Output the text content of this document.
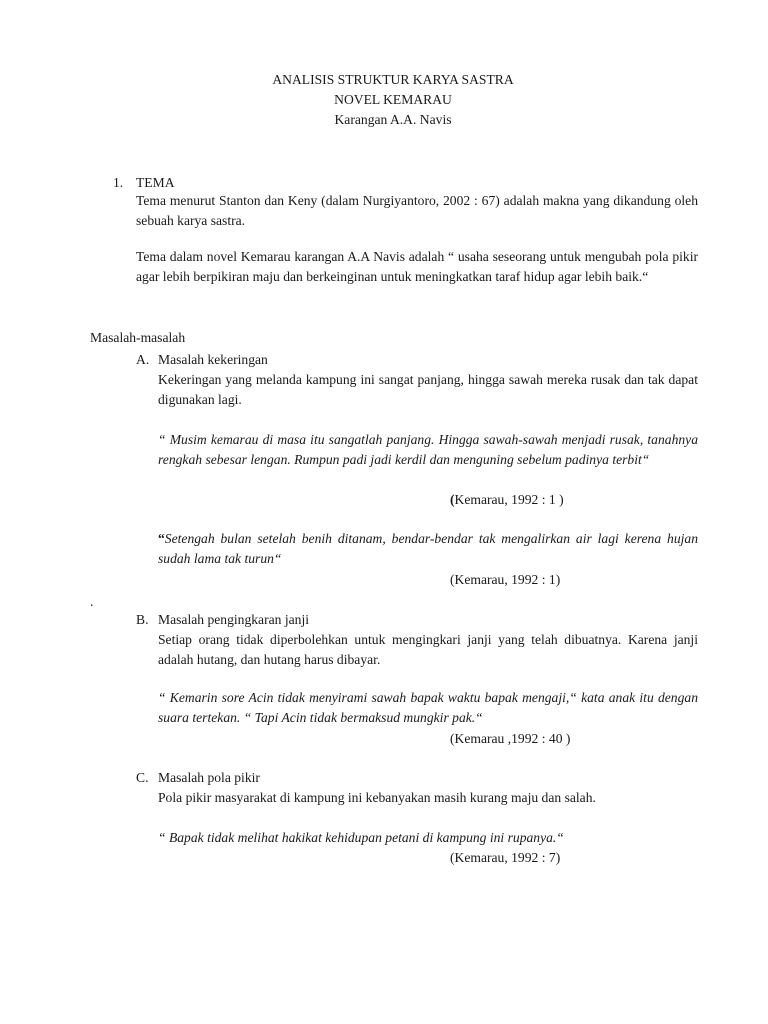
ANALISIS STRUKTUR KARYA SASTRA
NOVEL KEMARAU
Karangan A.A. Navis
1. TEMA
Tema menurut Stanton dan Keny (dalam Nurgiyantoro, 2002 : 67) adalah makna yang dikandung oleh sebuah karya sastra.
Tema dalam novel Kemarau karangan A.A Navis adalah “ usaha seseorang untuk mengubah pola pikir agar lebih berpikiran maju dan berkeinginan untuk meningkatkan taraf hidup agar lebih baik.“
Masalah-masalah
A. Masalah kekeringan
Kekeringan yang melanda kampung ini sangat panjang, hingga sawah mereka rusak dan tak dapat digunakan lagi.
“ Musim kemarau di masa itu sangatlah panjang. Hingga sawah-sawah menjadi rusak, tanahnya rengkah sebesar lengan. Rumpun padi jadi kerdil dan menguning sebelum padinya terbit“
(Kemarau, 1992 : 1 )
“Setengah bulan setelah benih ditanam, bendar-bendar tak mengalirkan air lagi kerena hujan sudah lama tak turun“
(Kemarau, 1992 : 1)
.
B. Masalah pengingkaran janji
Setiap orang tidak diperbolehkan untuk mengingkari janji yang telah dibuatnya. Karena janji adalah hutang, dan hutang harus dibayar.
“ Kemarin sore Acin tidak menyirami sawah bapak waktu bapak mengaji,“ kata anak itu dengan suara tertekan. “ Tapi Acin tidak bermaksud mungkir pak.“
(Kemarau ,1992 : 40 )
C. Masalah pola pikir
Pola pikir masyarakat di kampung ini kebanyakan masih kurang maju dan salah.
“ Bapak tidak melihat hakikat kehidupan petani di kampung ini rupanya.“
(Kemarau, 1992 : 7)
